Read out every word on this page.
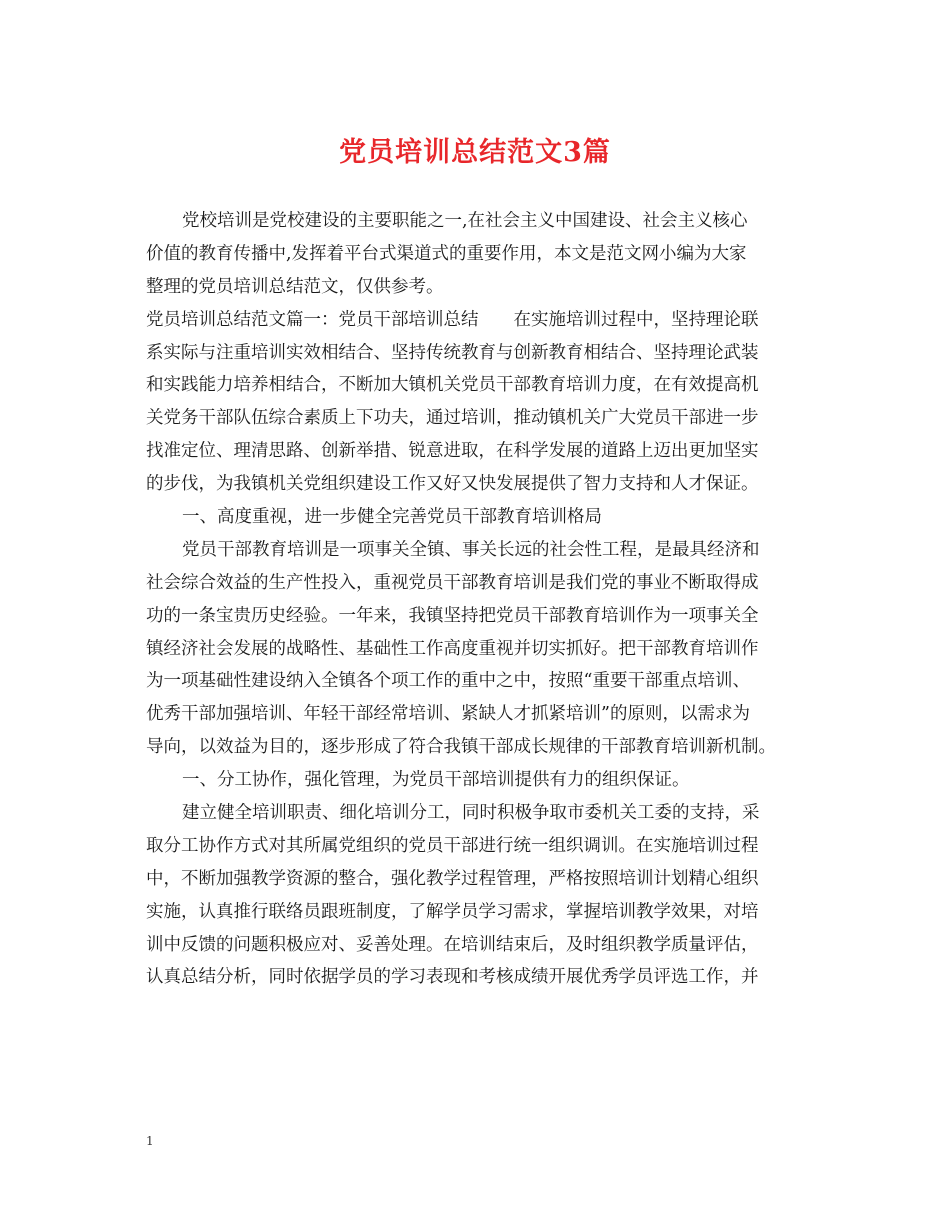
党员培训总结范文3篇
党校培训是党校建设的主要职能之一,在社会主义中国建设、社会主义核心
价值的教育传播中,发挥着平台式渠道式的重要作用，本文是范文网小编为大家
整理的党员培训总结范文，仅供参考。
党员培训总结范文篇一：党员干部培训总结　　在实施培训过程中，坚持理论联
系实际与注重培训实效相结合、坚持传统教育与创新教育相结合、坚持理论武装
和实践能力培养相结合，不断加大镇机关党员干部教育培训力度，在有效提高机
关党务干部队伍综合素质上下功夫，通过培训，推动镇机关广大党员干部进一步
找准定位、理清思路、创新举措、锐意进取，在科学发展的道路上迈出更加坚实
的步伐，为我镇机关党组织建设工作又好又快发展提供了智力支持和人才保证。
一、高度重视，进一步健全完善党员干部教育培训格局
党员干部教育培训是一项事关全镇、事关长远的社会性工程，是最具经济和
社会综合效益的生产性投入，重视党员干部教育培训是我们党的事业不断取得成
功的一条宝贵历史经验。一年来，我镇坚持把党员干部教育培训作为一项事关全
镇经济社会发展的战略性、基础性工作高度重视并切实抓好。把干部教育培训作
为一项基础性建设纳入全镇各个项工作的重中之中，按照“重要干部重点培训、
优秀干部加强培训、年轻干部经常培训、紧缺人才抓紧培训”的原则，以需求为
导向，以效益为目的，逐步形成了符合我镇干部成长规律的干部教育培训新机制。
一、分工协作，强化管理，为党员干部培训提供有力的组织保证。
建立健全培训职责、细化培训分工，同时积极争取市委机关工委的支持，采
取分工协作方式对其所属党组织的党员干部进行统一组织调训。在实施培训过程
中，不断加强教学资源的整合，强化教学过程管理，严格按照培训计划精心组织
实施，认真推行联络员跟班制度，了解学员学习需求，掌握培训教学效果，对培
训中反馈的问题积极应对、妥善处理。在培训结束后，及时组织教学质量评估，
认真总结分析，同时依据学员的学习表现和考核成绩开展优秀学员评选工作，并
1
